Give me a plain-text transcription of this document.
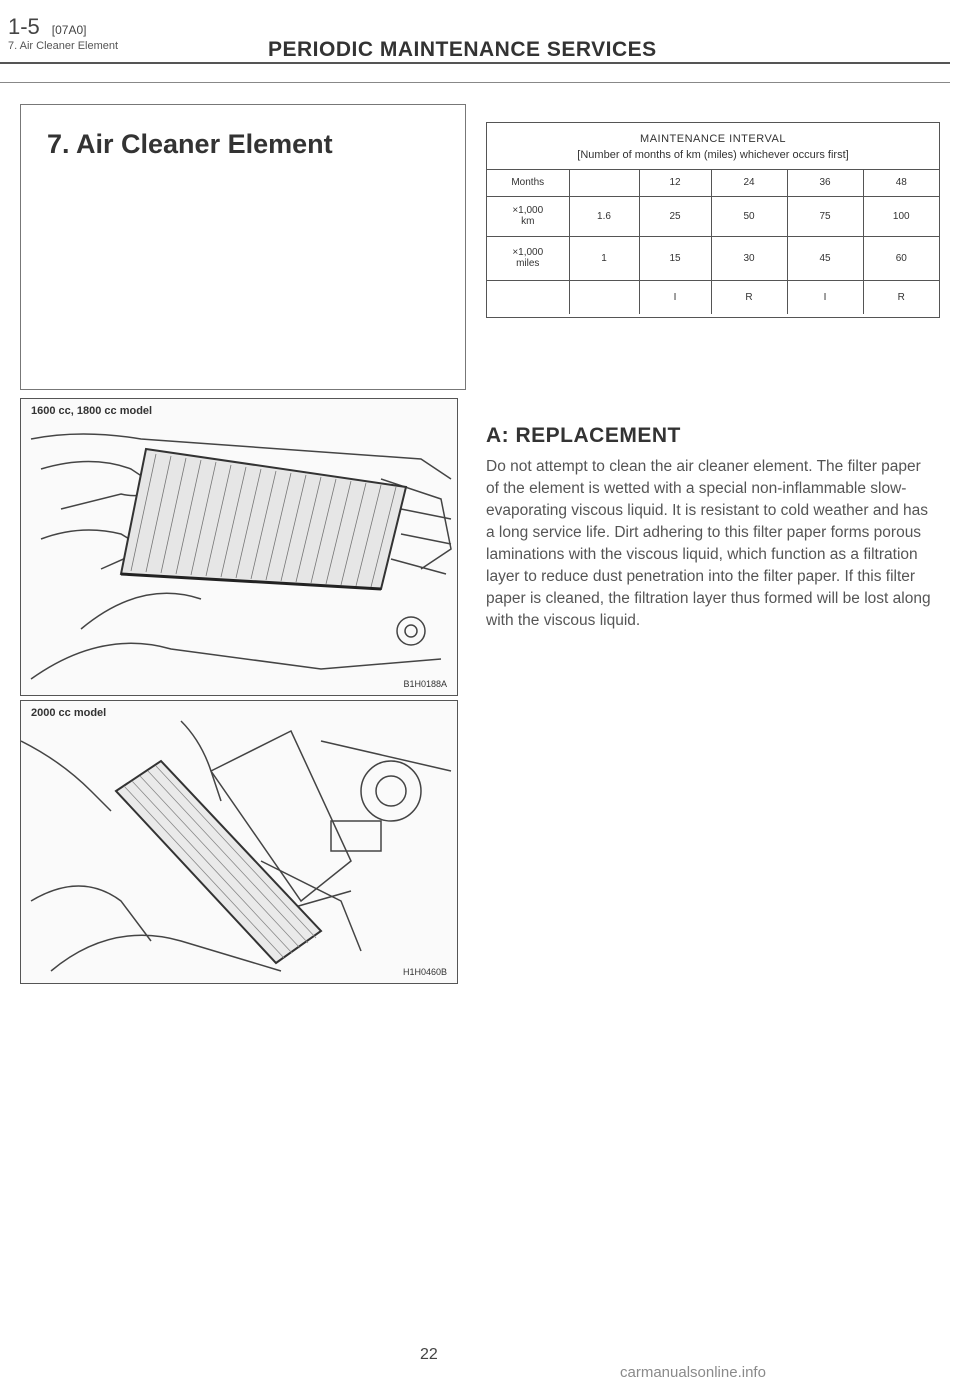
1-5 [07A0]
7. Air Cleaner Element	PERIODIC MAINTENANCE SERVICES
7. Air Cleaner Element
1600 cc, 1800 cc model
B1H0188A
2000 cc model
H1H0460B
MAINTENANCE INTERVAL
[Number of months of km (miles) whichever occurs first]
Months		12	24	36	48
×1,000
km	1.6	25	50	75	100
×1,000
miles	1	15	30	45	60
		I	R	I	R
A: REPLACEMENT
Do not attempt to clean the air cleaner element. The filter paper of the element is wetted with a special non-inflammable slow-evaporating viscous liquid. It is resistant to cold weather and has a long service life. Dirt adhering to this filter paper forms porous laminations with the viscous liquid, which function as a filtration layer to reduce dust penetration into the filter paper. If this filter paper is cleaned, the filtration layer thus formed will be lost along with the viscous liquid.
22
carmanualsonline.info
